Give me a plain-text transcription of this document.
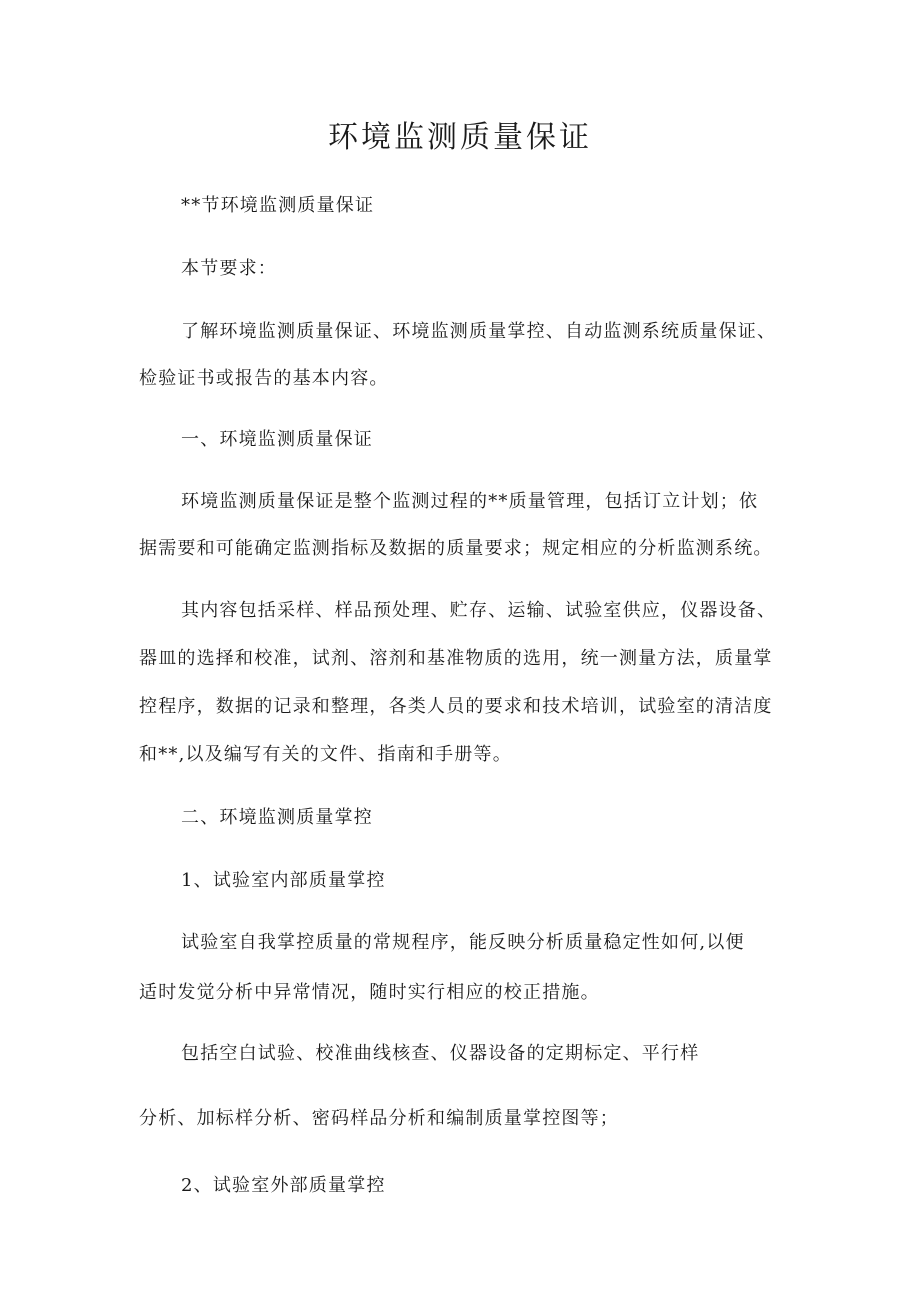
环境监测质量保证

**节环境监测质量保证

本节要求：

了解环境监测质量保证、环境监测质量掌控、自动监测系统质量保证、

检验证书或报告的基本内容。

一、环境监测质量保证

环境监测质量保证是整个监测过程的**质量管理，包括订立计划；依

据需要和可能确定监测指标及数据的质量要求；规定相应的分析监测系统。

其内容包括采样、样品预处理、贮存、运输、试验室供应，仪器设备、

器皿的选择和校准，试剂、溶剂和基准物质的选用，统一测量方法，质量掌

控程序，数据的记录和整理，各类人员的要求和技术培训，试验室的清洁度

和**,以及编写有关的文件、指南和手册等。

二、环境监测质量掌控

1、试验室内部质量掌控

试验室自我掌控质量的常规程序，能反映分析质量稳定性如何,以便

适时发觉分析中异常情况，随时实行相应的校正措施。

包括空白试验、校准曲线核查、仪器设备的定期标定、平行样

分析、加标样分析、密码样品分析和编制质量掌控图等；

2、试验室外部质量掌控
